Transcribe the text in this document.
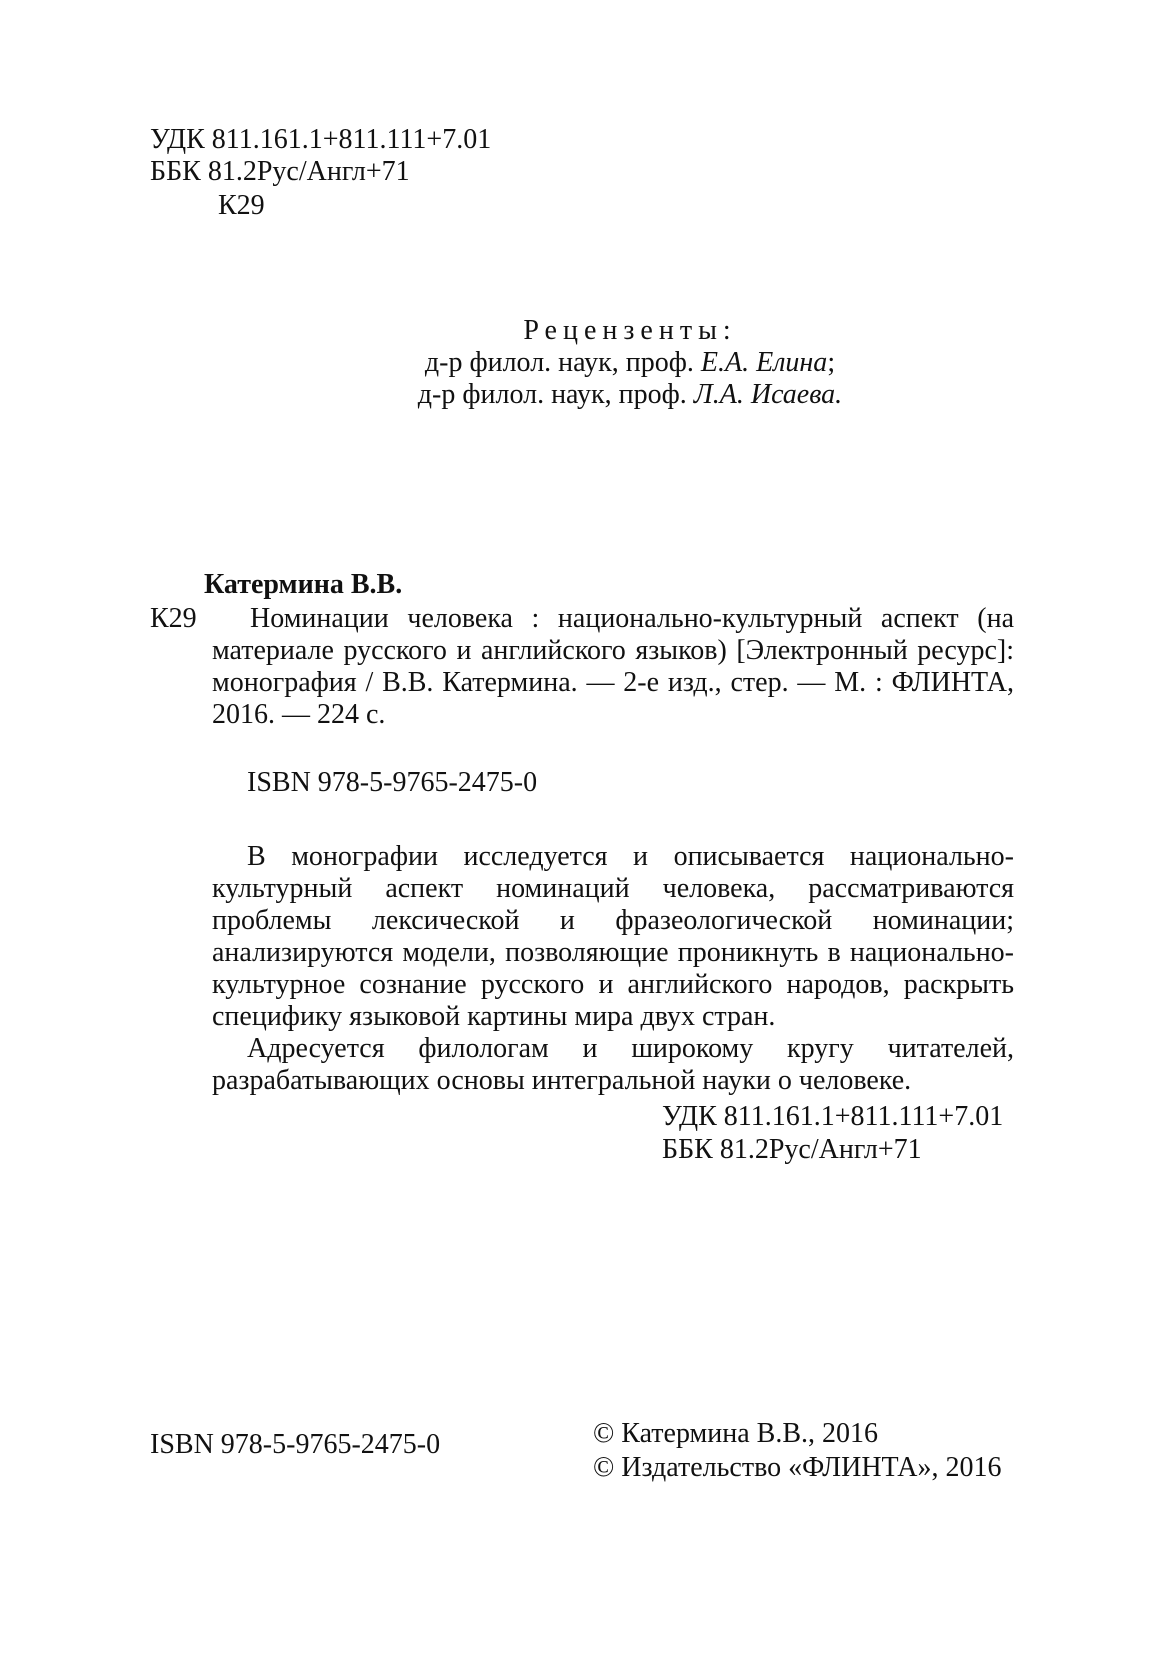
УДК 811.161.1+811.111+7.01
ББК 81.2Рус/Англ+71
К29
Рецензенты:
д-р филол. наук, проф. Е.А. Елина;
д-р филол. наук, проф. Л.А. Исаева.
Катермина В.В.
К29	Номинации человека : национально-культурный аспект (на материале русского и английского языков) [Электронный ресурс]: монография / В.В. Катермина. — 2-е изд., стер. — М. : ФЛИНТА, 2016. — 224 с.
ISBN 978-5-9765-2475-0

В монографии исследуется и описывается национально-культурный аспект номинаций человека, рассматриваются проблемы лексической и фразеологической номинации; анализируются модели, позволяющие проникнуть в национально-культурное сознание русского и английского народов, раскрыть специфику языковой картины мира двух стран.

Адресуется филологам и широкому кругу читателей, разрабатывающих основы интегральной науки о человеке.

УДК 811.161.1+811.111+7.01
ББК 81.2Рус/Англ+71
ISBN 978-5-9765-2475-0	© Катермина В.В., 2016
© Издательство «ФЛИНТА», 2016
